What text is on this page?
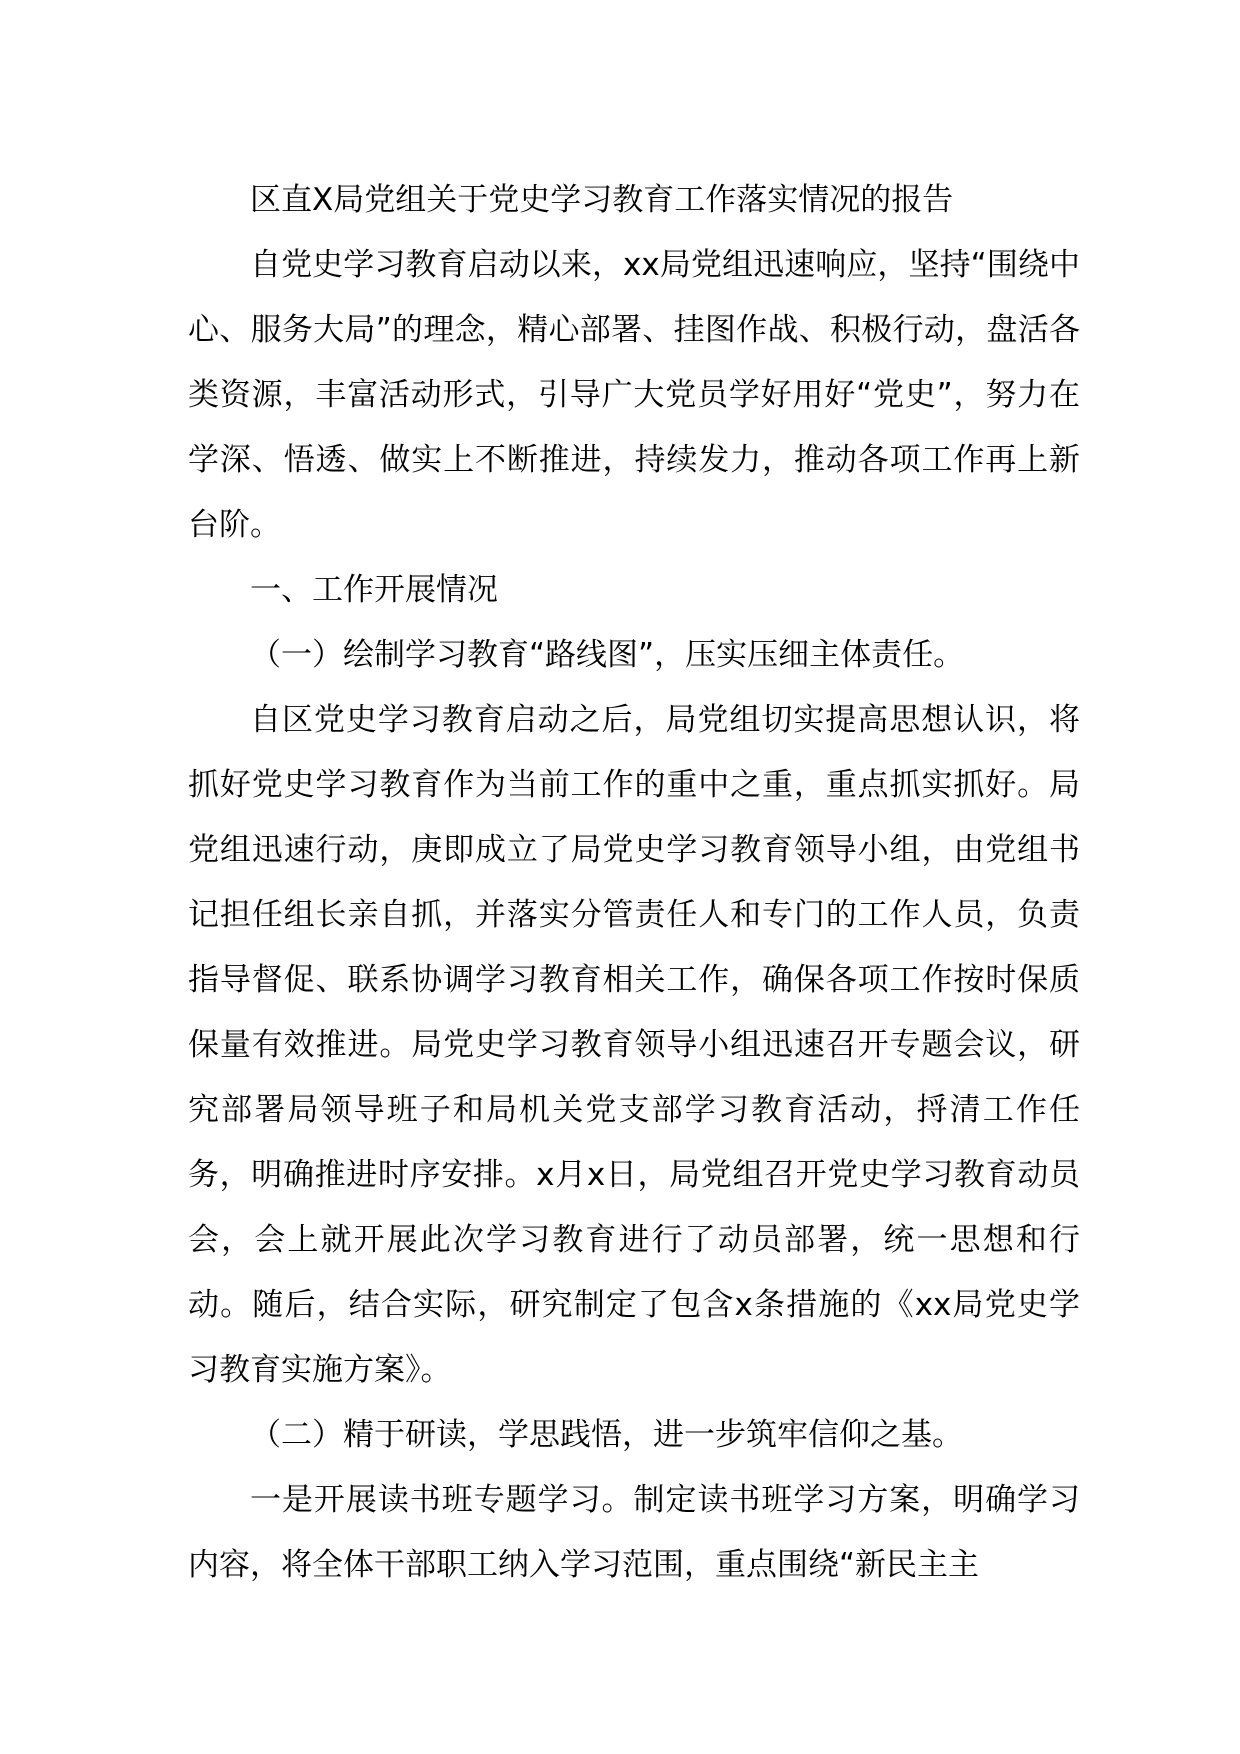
区直X局党组关于党史学习教育工作落实情况的报告

自党史学习教育启动以来，xx局党组迅速响应，坚持“围绕中心、服务大局”的理念，精心部署、挂图作战、积极行动，盘活各类资源，丰富活动形式，引导广大党员学好用好“党史”，努力在学深、悟透、做实上不断推进，持续发力，推动各项工作再上新台阶。

一、工作开展情况

（一）绘制学习教育“路线图”，压实压细主体责任。

自区党史学习教育启动之后，局党组切实提高思想认识，将抓好党史学习教育作为当前工作的重中之重，重点抓实抓好。局党组迅速行动，庚即成立了局党史学习教育领导小组，由党组书记担任组长亲自抓，并落实分管责任人和专门的工作人员，负责指导督促、联系协调学习教育相关工作，确保各项工作按时保质保量有效推进。局党史学习教育领导小组迅速召开专题会议，研究部署局领导班子和局机关党支部学习教育活动，捋清工作任务，明确推进时序安排。x月x日，局党组召开党史学习教育动员会，会上就开展此次学习教育进行了动员部署，统一思想和行动。随后，结合实际，研究制定了包含x条措施的《xx局党史学习教育实施方案》。

（二）精于研读，学思践悟，进一步筑牢信仰之基。

一是开展读书班专题学习。制定读书班学习方案，明确学习内容，将全体干部职工纳入学习范围，重点围绕“新民主主
